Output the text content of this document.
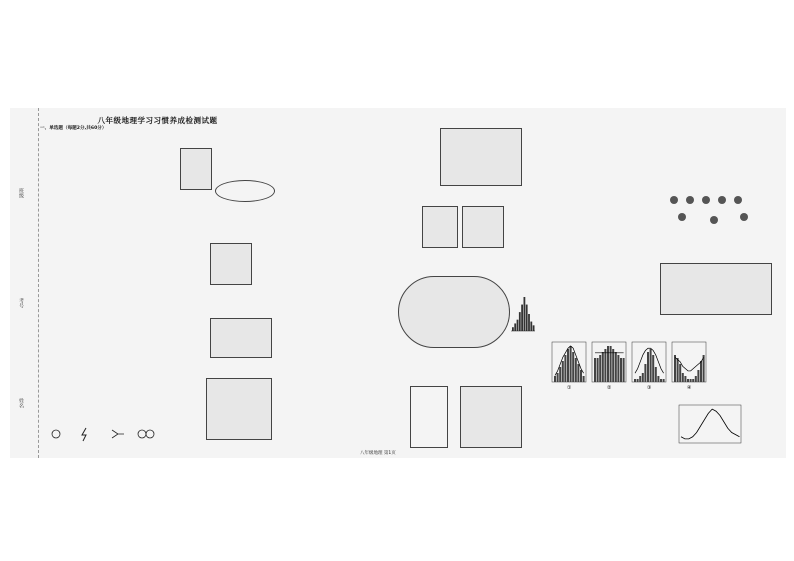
班级
考号
姓名
八年级地理学习习惯养成检测试题
一、单选题（每题2分,共60分）
①	②	③	④
八年级地理 第1页
